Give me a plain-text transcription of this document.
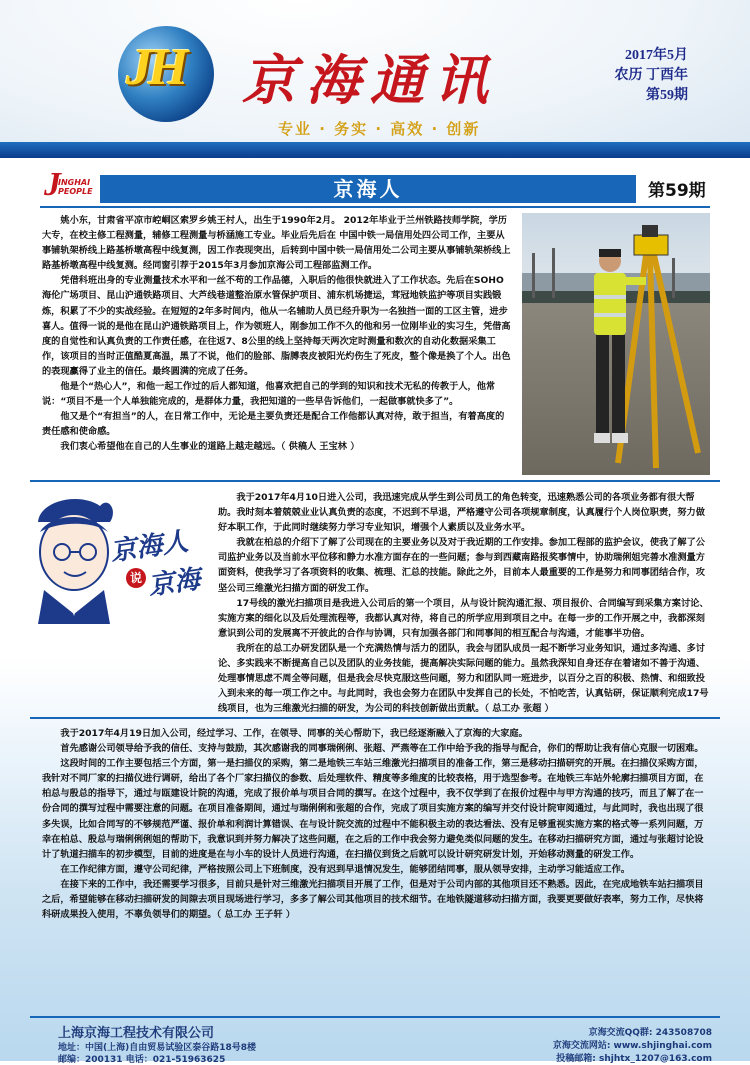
JH 京海通讯
专业 · 务实 · 高效 · 创新
2017年5月
农历 丁酉年
第59期
J
INGHAI
PEOPLE	京海人	第59期

姚小东，甘肃省平凉市崆峒区索罗乡姚王村人，出生于1990年2月。 2012年毕业于兰州铁路技师学院，学历大专，在校主修工程测量，辅修工程测量与桥涵施工专业。毕业后先后在 中国中铁一局信用处四公司工作，主要从事铺轨架桥线上路基桥墩高程中线复测，因工作表现突出，后转到中国中铁一局信用处二公司主要从事铺轨架桥线上路基桥墩高程中线复测。经同窗引荐于2015年3月参加京海公司工程部监测工作。

凭借科班出身的专业测量技术水平和一丝不苟的工作品德，入职后的他很快就进入了工作状态。先后在SOHO海伦广场项目、昆山沪通铁路项目、大芦线巷道整治原水管保护项目、浦东机场捷运，茸冠地铁监护等项目实践锻炼，积累了不少的实战经验。在短短的2年多时间内，他从一名辅助人员已经升职为一名独挡一面的工区主管，进步喜人。值得一说的是他在昆山沪通铁路项目上，作为领班人，刚参加工作不久的他和另一位刚毕业的实习生，凭借高度的自觉性和认真负责的工作责任感，在往返7、8公里的线上坚持每天两次定时测量和数次的自动化数据采集工作，该项目的当时正值酷夏高温，黑了不说，他们的脸部、脂膊表皮被阳光灼伤生了死皮，整个像是换了个人。出色的表现赢得了业主的信任。最终圆满的完成了任务。

他是个“热心人”，和他一起工作过的后人都知道，他喜欢把自己的学到的知识和技术无私的传教于人，他常说：“项目不是一个人单独能完成的，是群体力量，我把知道的一些早告诉他们，一起做事就快多了”。

他又是个“有担当”的人，在日常工作中，无论是主要负责还是配合工作他都认真对待，敢于担当，有着高度的责任感和使命感。

我们衷心希望他在自己的人生事业的道路上越走越远。（ 供稿人 王宝林 ）

京海人
说 京海

我于2017年4月10日进入公司，我迅速完成从学生到公司员工的角色转变，迅速熟悉公司的各项业务都有很大帮助。我时刻本着兢兢业业认真负责的态度，不迟到不早退，严格遵守公司各项规章制度，认真履行个人岗位职责，努力做好本职工作，于此同时继续努力学习专业知识，增强个人素质以及业务水平。

我就在柏总的介绍下了解了公司现在的主要业务以及对于我近期的工作安排。参加工程部的监护会议，使我了解了公司监护业务以及当前水平位移和静力水准方面存在的一些问题；参与到西藏南路报奖事情中，协助瑞俐姐完善水准测量方面资料，使我学习了各项资料的收集、梳理、汇总的技能。除此之外，目前本人最重要的工作是努力和同事团结合作，攻坚公司三维激光扫描方面的研发工作。

17号线的激光扫描项目是我进入公司后的第一个项目，从与设计院沟通汇报、项目报价、合同编写到采集方案讨论、实施方案的细化以及后处理流程等，我都认真对待，将自己的所学应用到项目之中。在每一步的工作开展之中，我都深刻意识到公司的发展离不开彼此的合作与协调，只有加强各部门和同事间的相互配合与沟通，才能事半功倍。

我所在的总工办研发团队是一个充满热情与活力的团队，我会与团队成员一起不断学习业务知识，通过多沟通、多讨论、多实践来不断提高自己以及团队的业务技能，提高解决实际问题的能力。虽然我深知自身还存在着诸如不善于沟通、处理事情思虑不周全等问题，但是我会尽快克服这些问题，努力和团队同一班进步，以百分之百的积极、热情、和细致投入到未来的每一项工作之中。与此同时，我也会努力在团队中发挥自己的长处，不怕吃苦，认真钻研，保证顺利完成17号线项目，也为三维激光扫描的研发，为公司的科技创新做出贡献。（ 总工办 张超 ）

我于2017年4月19日加入公司，经过学习、工作，在领导、同事的关心帮助下，我已经逐渐融入了京海的大家庭。

首先感谢公司领导给予我的信任、支持与鼓励，其次感谢我的同事瑞俐俐、张超、严燕等在工作中给予我的指导与配合，你们的帮助让我有信心克服一切困难。

这段时间的工作主要包括三个方面，第一是扫描仪的采购，第二是地铁三车站三维激光扫描项目的准备工作，第三是移动扫描研究的开展。在扫描仪采购方面，我针对不同厂家的扫描仪进行调研，给出了各个厂家扫描仪的参数、后处理软件、精度等多维度的比较表格，用于选型参考。在地铁三车站外轮廓扫描项目方面，在柏总与殷总的指导下，通过与瓯建设计院的沟通，完成了报价单与项目合同的撰写。在这个过程中，我不仅学到了在报价过程中与甲方沟通的技巧，而且了解了在一份合同的撰写过程中需要注意的问题。在项目准备期间，通过与瑞俐俐和张超的合作，完成了项目实施方案的编写并交付设计院审阅通过，与此同时，我也出现了很多失误，比如合同写的不够规范严谨、报价单和利润计算错误、在与设计院交流的过程中不能积极主动的表达看法、没有足够重视实施方案的格式等一系列问题，万幸在柏总、殷总与瑞俐俐俐姐的帮助下，我意识到并努力解决了这些问题，在之后的工作中我会努力避免类似问题的发生。在移动扫描研究方面，通过与张超讨论设计了轨道扫描车的初步模型，目前的进度是在与小车的设计人员进行沟通，在扫描仪到货之后就可以设计研究研发计划，开始移动测量的研发工作。

在工作纪律方面，遵守公司纪律，严格按照公司上下班制度，没有迟到早退情况发生，能够团结同事，服从领导安排，主动学习能适应工作。

在接下来的工作中，我还需要学习很多，目前只是针对三维激光扫描项目开展了工作，但是对于公司内部的其他项目还不熟悉。因此，在完成地铁车站扫描项目之后，希望能够在移动扫描研发的间隙去项目现场进行学习，多多了解公司其他项目的技术细节。在地铁隧道移动扫描方面，我要更要做好表率，努力工作，尽快将科研成果投入使用，不辜负领导们的期望。（ 总工办 王子轩 ）

上海京海工程技术有限公司
地址：中国(上海)自由贸易试验区泰谷路18号8楼
邮编：200131 电话：021-51963625
京海交流QQ群: 243508708
京海交流网站: www.shjinghai.com
投稿邮箱: shjhtx_1207@163.com
